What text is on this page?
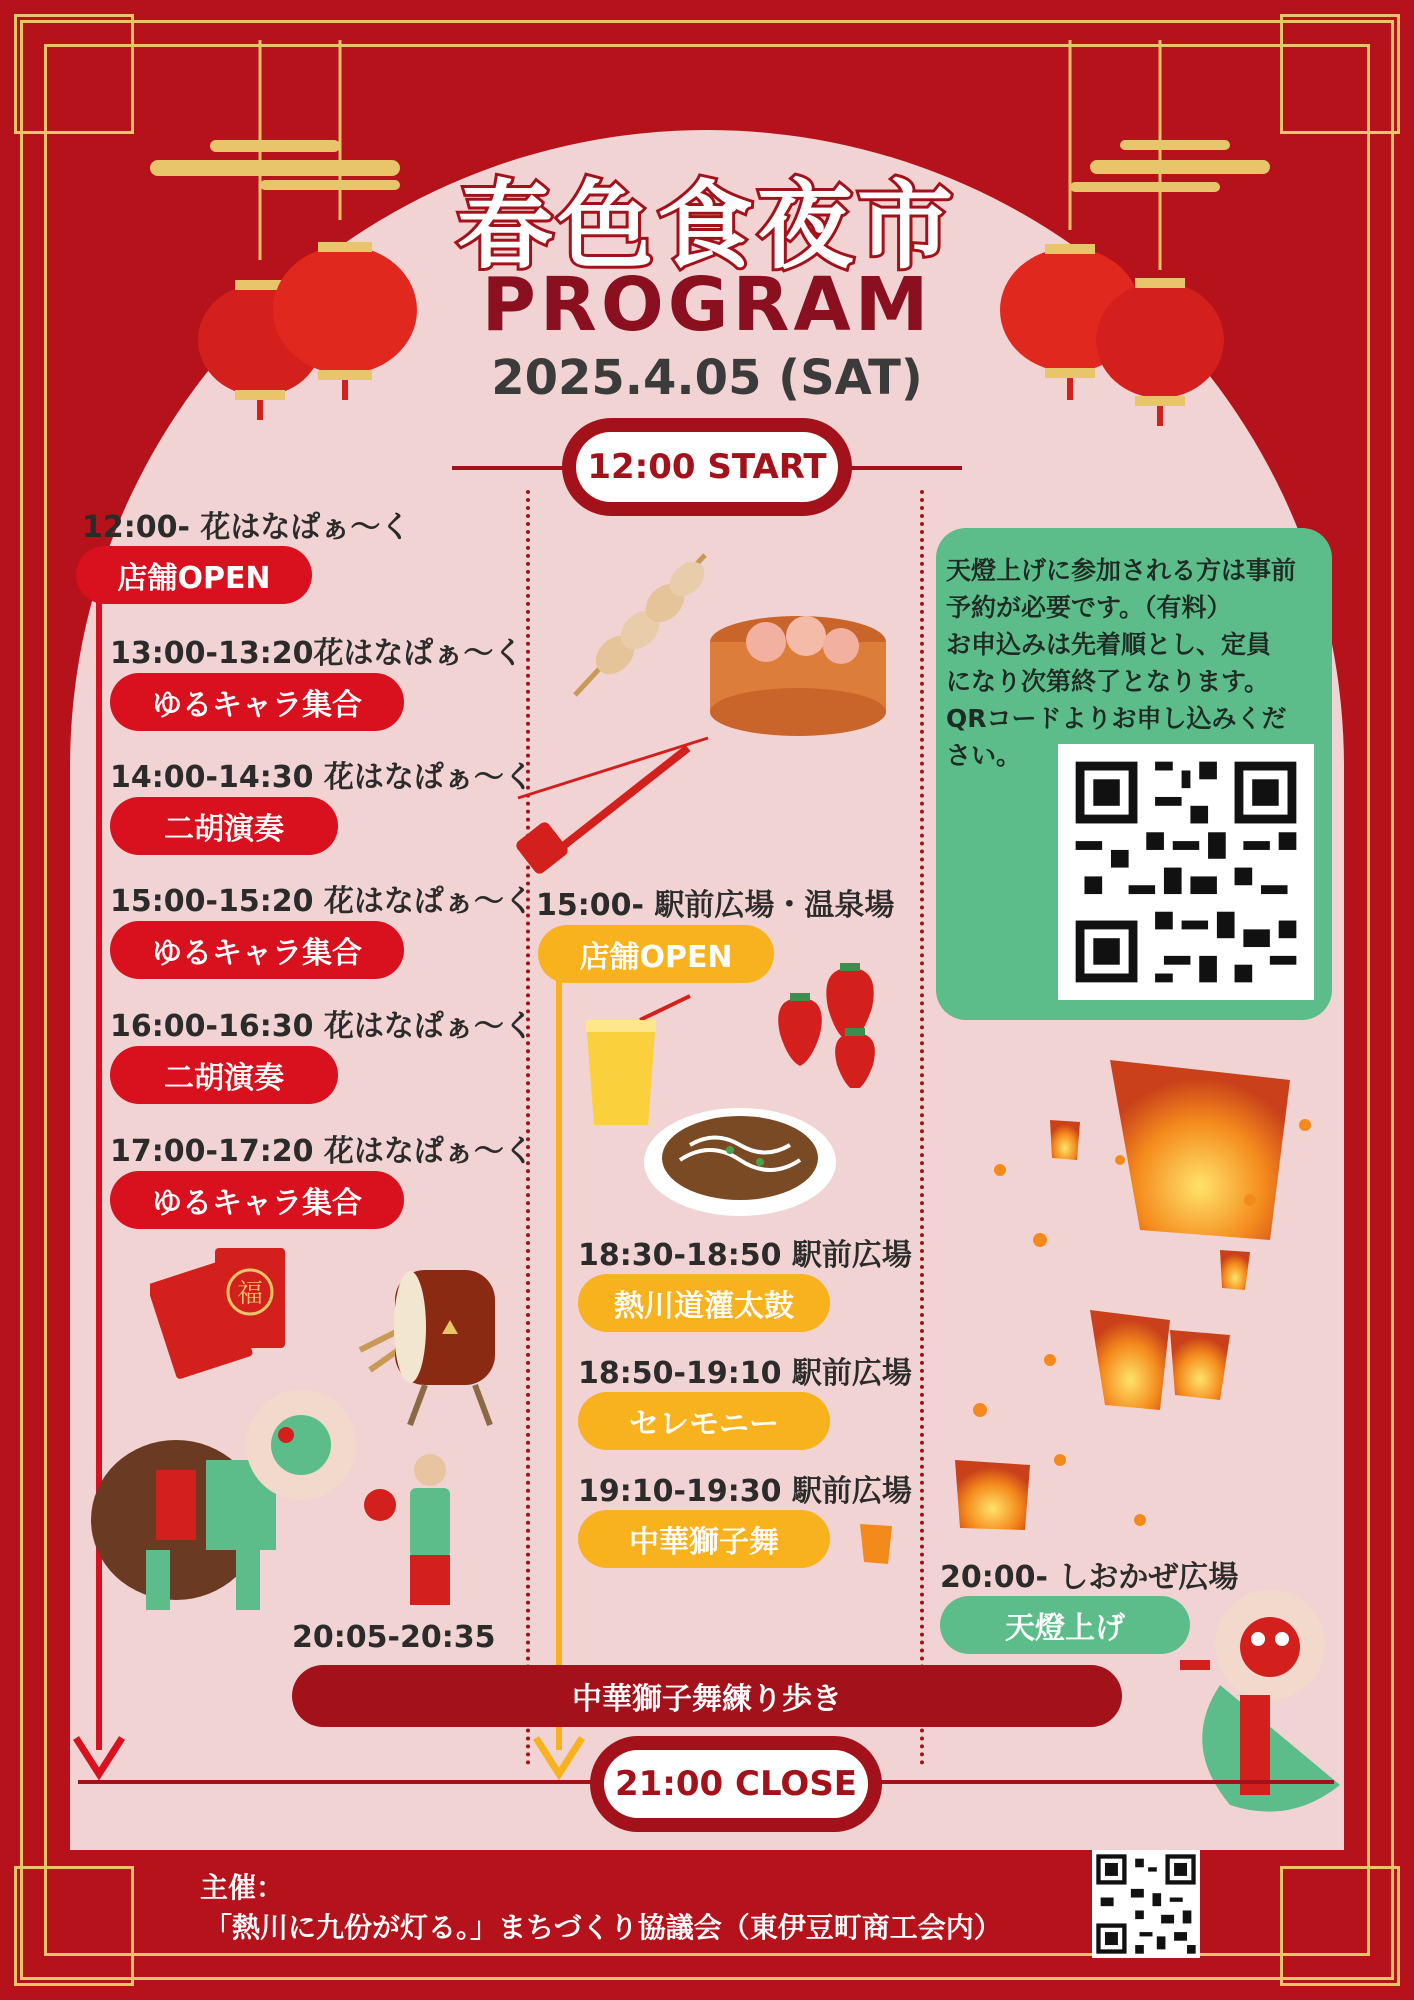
春色食夜市
PROGRAM
2025.4.05 (SAT)
12:00 START
12:00- 花はなぱぁ～く
店舗OPEN
13:00-13:20花はなぱぁ～く
ゆるキャラ集合
14:00-14:30 花はなぱぁ～く
二胡演奏
15:00-15:20 花はなぱぁ～く
ゆるキャラ集合
16:00-16:30 花はなぱぁ～く
二胡演奏
17:00-17:20 花はなぱぁ～く
ゆるキャラ集合
福
15:00- 駅前広場・温泉場
店舗OPEN
18:30-18:50 駅前広場
熱川道灌太鼓
18:50-19:10 駅前広場
セレモニー
19:10-19:30 駅前広場
中華獅子舞
天燈上げに参加される方は事前
予約が必要です。（有料）
お申込みは先着順とし、定員
になり次第終了となります。
QRコードよりお申し込みくだ
さい。
20:00- しおかぜ広場
天燈上げ
20:05-20:35
中華獅子舞練り歩き
21:00 CLOSE
主催：
「熱川に九份が灯る。」まちづくり協議会（東伊豆町商工会内）
